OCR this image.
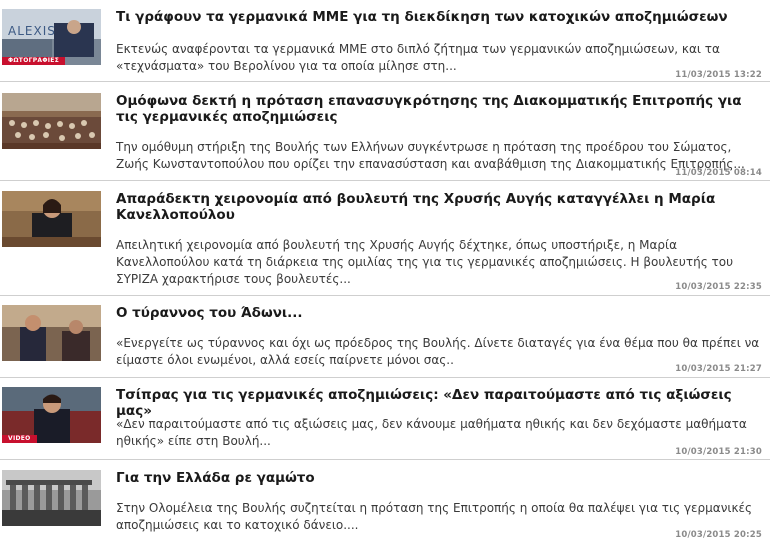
ALEXIS
ΦΩΤΟΓΡΑΦΙΕΣ
Τι γράφουν τα γερμανικά ΜΜΕ για τη διεκδίκηση των κατοχικών αποζημιώσεων
Εκτενώς αναφέρονται τα γερμανικά ΜΜΕ στο διπλό ζήτημα των γερμανικών αποζημιώσεων, και τα «τεχνάσματα» του Βερολίνου για τα οποία μίλησε στη...
11/03/2015 13:22
Ομόφωνα δεκτή η πρόταση επανασυγκρότησης της Διακομματικής Επιτροπής για τις γερμανικές αποζημιώσεις
Την ομόθυμη στήριξη της Βουλής των Ελλήνων συγκέντρωσε η πρόταση της προέδρου του Σώματος, Ζωής Κωνσταντοπούλου που ορίζει την επανασύσταση και αναβάθμιση της Διακομματικής Επιτροπής...
11/03/2015 08:14
Απαράδεκτη χειρονομία από βουλευτή της Χρυσής Αυγής καταγγέλλει η Μαρία Κανελλοπούλου
Απειλητική χειρονομία από βουλευτή της Χρυσής Αυγής δέχτηκε, όπως υποστήριξε, η Μαρία Κανελλοπούλου κατά τη διάρκεια της ομιλίας της για τις γερμανικές αποζημιώσεις. Η βουλευτής του ΣΥΡΙΖΑ χαρακτήρισε τους βουλευτές...
10/03/2015 22:35
Ο τύραννος του Άδωνι...
«Ενεργείτε ως τύραννος και όχι ως πρόεδρος της Βουλής. Δίνετε διαταγές για ένα θέμα που θα πρέπει να είμαστε όλοι ενωμένοι, αλλά εσείς παίρνετε μόνοι σας..
10/03/2015 21:27
VIDEO
Τσίπρας για τις γερμανικές αποζημιώσεις: «Δεν παραιτούμαστε από τις αξιώσεις μας»
«Δεν παραιτούμαστε από τις αξιώσεις μας, δεν κάνουμε μαθήματα ηθικής και δεν δεχόμαστε μαθήματα ηθικής» είπε στη Βουλή...
10/03/2015 21:30
Για την Ελλάδα ρε γαμώτο
Στην Ολομέλεια της Βουλής συζητείται η πρόταση της Επιτροπής η οποία θα παλέψει για τις γερμανικές αποζημιώσεις και το κατοχικό δάνειο....
10/03/2015 20:25
